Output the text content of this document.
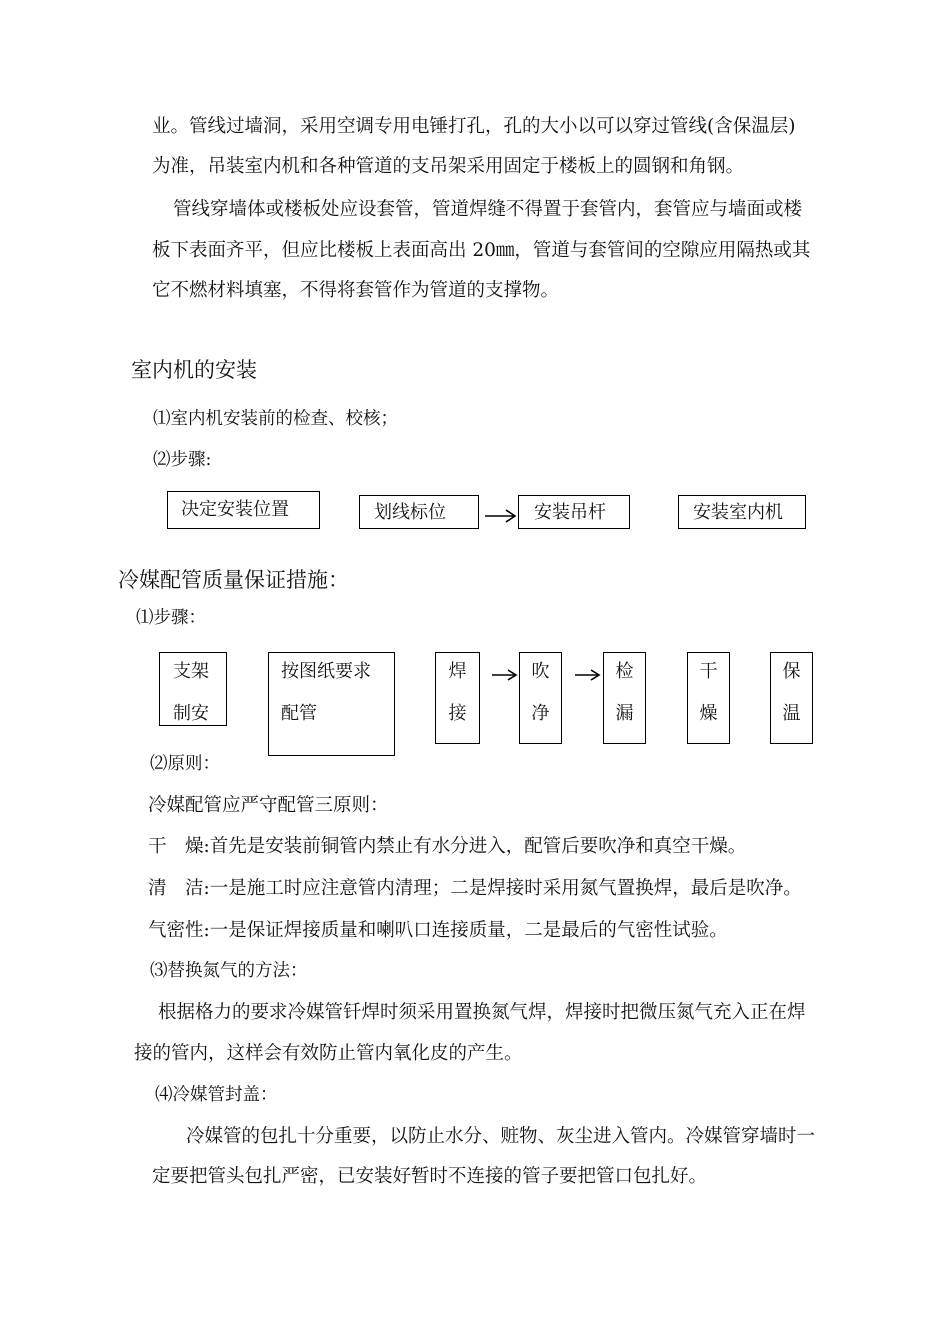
业。管线过墙洞，采用空调专用电锤打孔，孔的大小以可以穿过管线(含保温层)
为准，吊装室内机和各种管道的支吊架采用固定于楼板上的圆钢和角钢。
管线穿墙体或楼板处应设套管，管道焊缝不得置于套管内，套管应与墙面或楼
板下表面齐平，但应比楼板上表面高出 20㎜，管道与套管间的空隙应用隔热或其
它不燃材料填塞，不得将套管作为管道的支撑物。
室内机的安装
⑴室内机安装前的检查、校核；
⑵步骤:
决定安装位置	划线标位	安装吊杆	安装室内机
冷媒配管质量保证措施：
⑴步骤：
支架
制安
按图纸要求
配管
焊
接
吹
净
检
漏
干
燥
保
温
⑵原则：
冷媒配管应严守配管三原则：
干　燥:首先是安装前铜管内禁止有水分进入，配管后要吹净和真空干燥。
清　洁:一是施工时应注意管内清理；二是焊接时采用氮气置换焊，最后是吹净。
气密性:一是保证焊接质量和喇叭口连接质量，二是最后的气密性试验。
⑶替换氮气的方法：
根据格力的要求冷媒管钎焊时须采用置换氮气焊，焊接时把微压氮气充入正在焊
接的管内，这样会有效防止管内氧化皮的产生。
⑷冷媒管封盖：
冷媒管的包扎十分重要，以防止水分、赃物、灰尘进入管内。冷媒管穿墙时一
定要把管头包扎严密，已安装好暂时不连接的管子要把管口包扎好。
